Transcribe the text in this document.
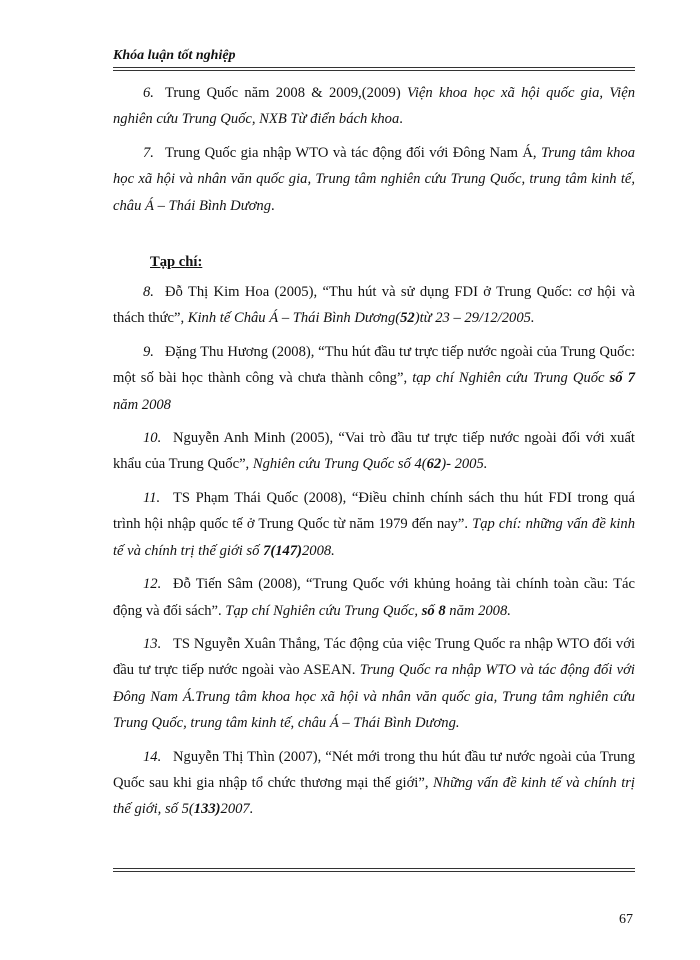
Khóa luận tốt nghiệp

6. Trung Quốc năm 2008 & 2009,(2009) Viện khoa học xã hội quốc gia, Viện nghiên cứu Trung Quốc, NXB Từ điển bách khoa.

7. Trung Quốc gia nhập WTO và tác động đối với Đông Nam Á, Trung tâm khoa học xã hội và nhân văn quốc gia, Trung tâm nghiên cứu Trung Quốc, trung tâm kinh tế, châu Á – Thái Bình Dương.

Tạp chí:

8. Đỗ Thị Kim Hoa (2005), “Thu hút và sử dụng FDI ở Trung Quốc: cơ hội và thách thức”, Kinh tế Châu Á – Thái Bình Dương(52)từ 23 – 29/12/2005.

9. Đặng Thu Hương (2008), “Thu hút đầu tư trực tiếp nước ngoài của Trung Quốc: một số bài học thành công và chưa thành công”, tạp chí Nghiên cứu Trung Quốc số 7 năm 2008

10. Nguyễn Anh Minh (2005), “Vai trò đầu tư trực tiếp nước ngoài đối với xuất khẩu của Trung Quốc”, Nghiên cứu Trung Quốc số 4(62)- 2005.

11. TS Phạm Thái Quốc (2008), “Điều chỉnh chính sách thu hút FDI trong quá trình hội nhập quốc tế ở Trung Quốc từ năm 1979 đến nay”. Tạp chí: những vấn đề kinh tế và chính trị thế giới số 7(147)2008.

12. Đỗ Tiến Sâm (2008), “Trung Quốc với khủng hoảng tài chính toàn cầu: Tác động và đối sách”. Tạp chí Nghiên cứu Trung Quốc, số 8 năm 2008.

13. TS Nguyễn Xuân Thắng, Tác động của việc Trung Quốc ra nhập WTO đối với đầu tư trực tiếp nước ngoài vào ASEAN. Trung Quốc ra nhập WTO và tác động đối với Đông Nam Á.Trung tâm khoa học xã hội và nhân văn quốc gia, Trung tâm nghiên cứu Trung Quốc, trung tâm kinh tế, châu Á – Thái Bình Dương.

14. Nguyễn Thị Thìn (2007), “Nét mới trong thu hút đầu tư nước ngoài của Trung Quốc sau khi gia nhập tổ chức thương mại thế giới”, Những vấn đề kinh tế và chính trị thế giới, số 5(133)2007.

67
